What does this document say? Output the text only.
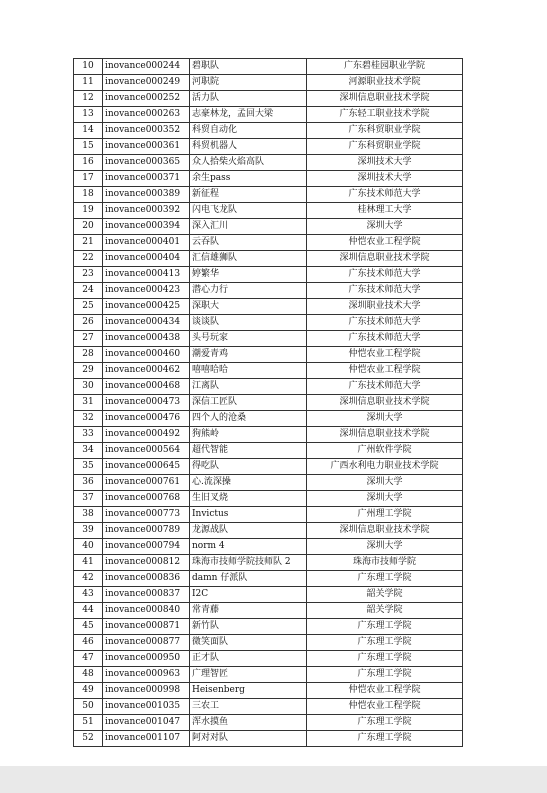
10	inovance000244	碧职队	广东碧桂园职业学院
11	inovance000249	河职院	河源职业技术学院
12	inovance000252	活力队	深圳信息职业技术学院
13	inovance000263	志豪林龙，孟回大梁	广东轻工职业技术学院
14	inovance000352	科贸自动化	广东科贸职业学院
15	inovance000361	科贸机器人	广东科贸职业学院
16	inovance000365	众人拾柴火焰高队	深圳技术大学
17	inovance000371	余生pass	深圳技术大学
18	inovance000389	新征程	广东技术师范大学
19	inovance000392	闪电飞龙队	桂林理工大学
20	inovance000394	深入汇川	深圳大学
21	inovance000401	云吞队	仲恺农业工程学院
22	inovance000404	汇信雄狮队	深圳信息职业技术学院
23	inovance000413	婷繁华	广东技术师范大学
24	inovance000423	潜心力行	广东技术师范大学
25	inovance000425	深职大	深圳职业技术大学
26	inovance000434	谈谈队	广东技术师范大学
27	inovance000438	头号玩家	广东技术师范大学
28	inovance000460	潮爱青鸡	仲恺农业工程学院
29	inovance000462	嘻嘻哈哈	仲恺农业工程学院
30	inovance000468	江离队	广东技术师范大学
31	inovance000473	深信工匠队	深圳信息职业技术学院
32	inovance000476	四个人的沧桑	深圳大学
33	inovance000492	狗熊岭	深圳信息职业技术学院
34	inovance000564	超代智能	广州软件学院
35	inovance000645	得吃队	广西水利电力职业技术学院
36	inovance000761	心.流深操	深圳大学
37	inovance000768	生旧叉烧	深圳大学
38	inovance000773	Invictus	广州理工学院
39	inovance000789	龙源战队	深圳信息职业技术学院
40	inovance000794	norm 4	深圳大学
41	inovance000812	珠海市技师学院技师队 2	珠海市技师学院
42	inovance000836	damn 仔派队	广东理工学院
43	inovance000837	I2C	韶关学院
44	inovance000840	常青藤	韶关学院
45	inovance000871	新竹队	广东理工学院
46	inovance000877	微笑面队	广东理工学院
47	inovance000950	正才队	广东理工学院
48	inovance000963	广理智匠	广东理工学院
49	inovance000998	Heisenberg	仲恺农业工程学院
50	inovance001035	三农工	仲恺农业工程学院
51	inovance001047	浑水摸鱼	广东理工学院
52	inovance001107	阿对对队	广东理工学院
